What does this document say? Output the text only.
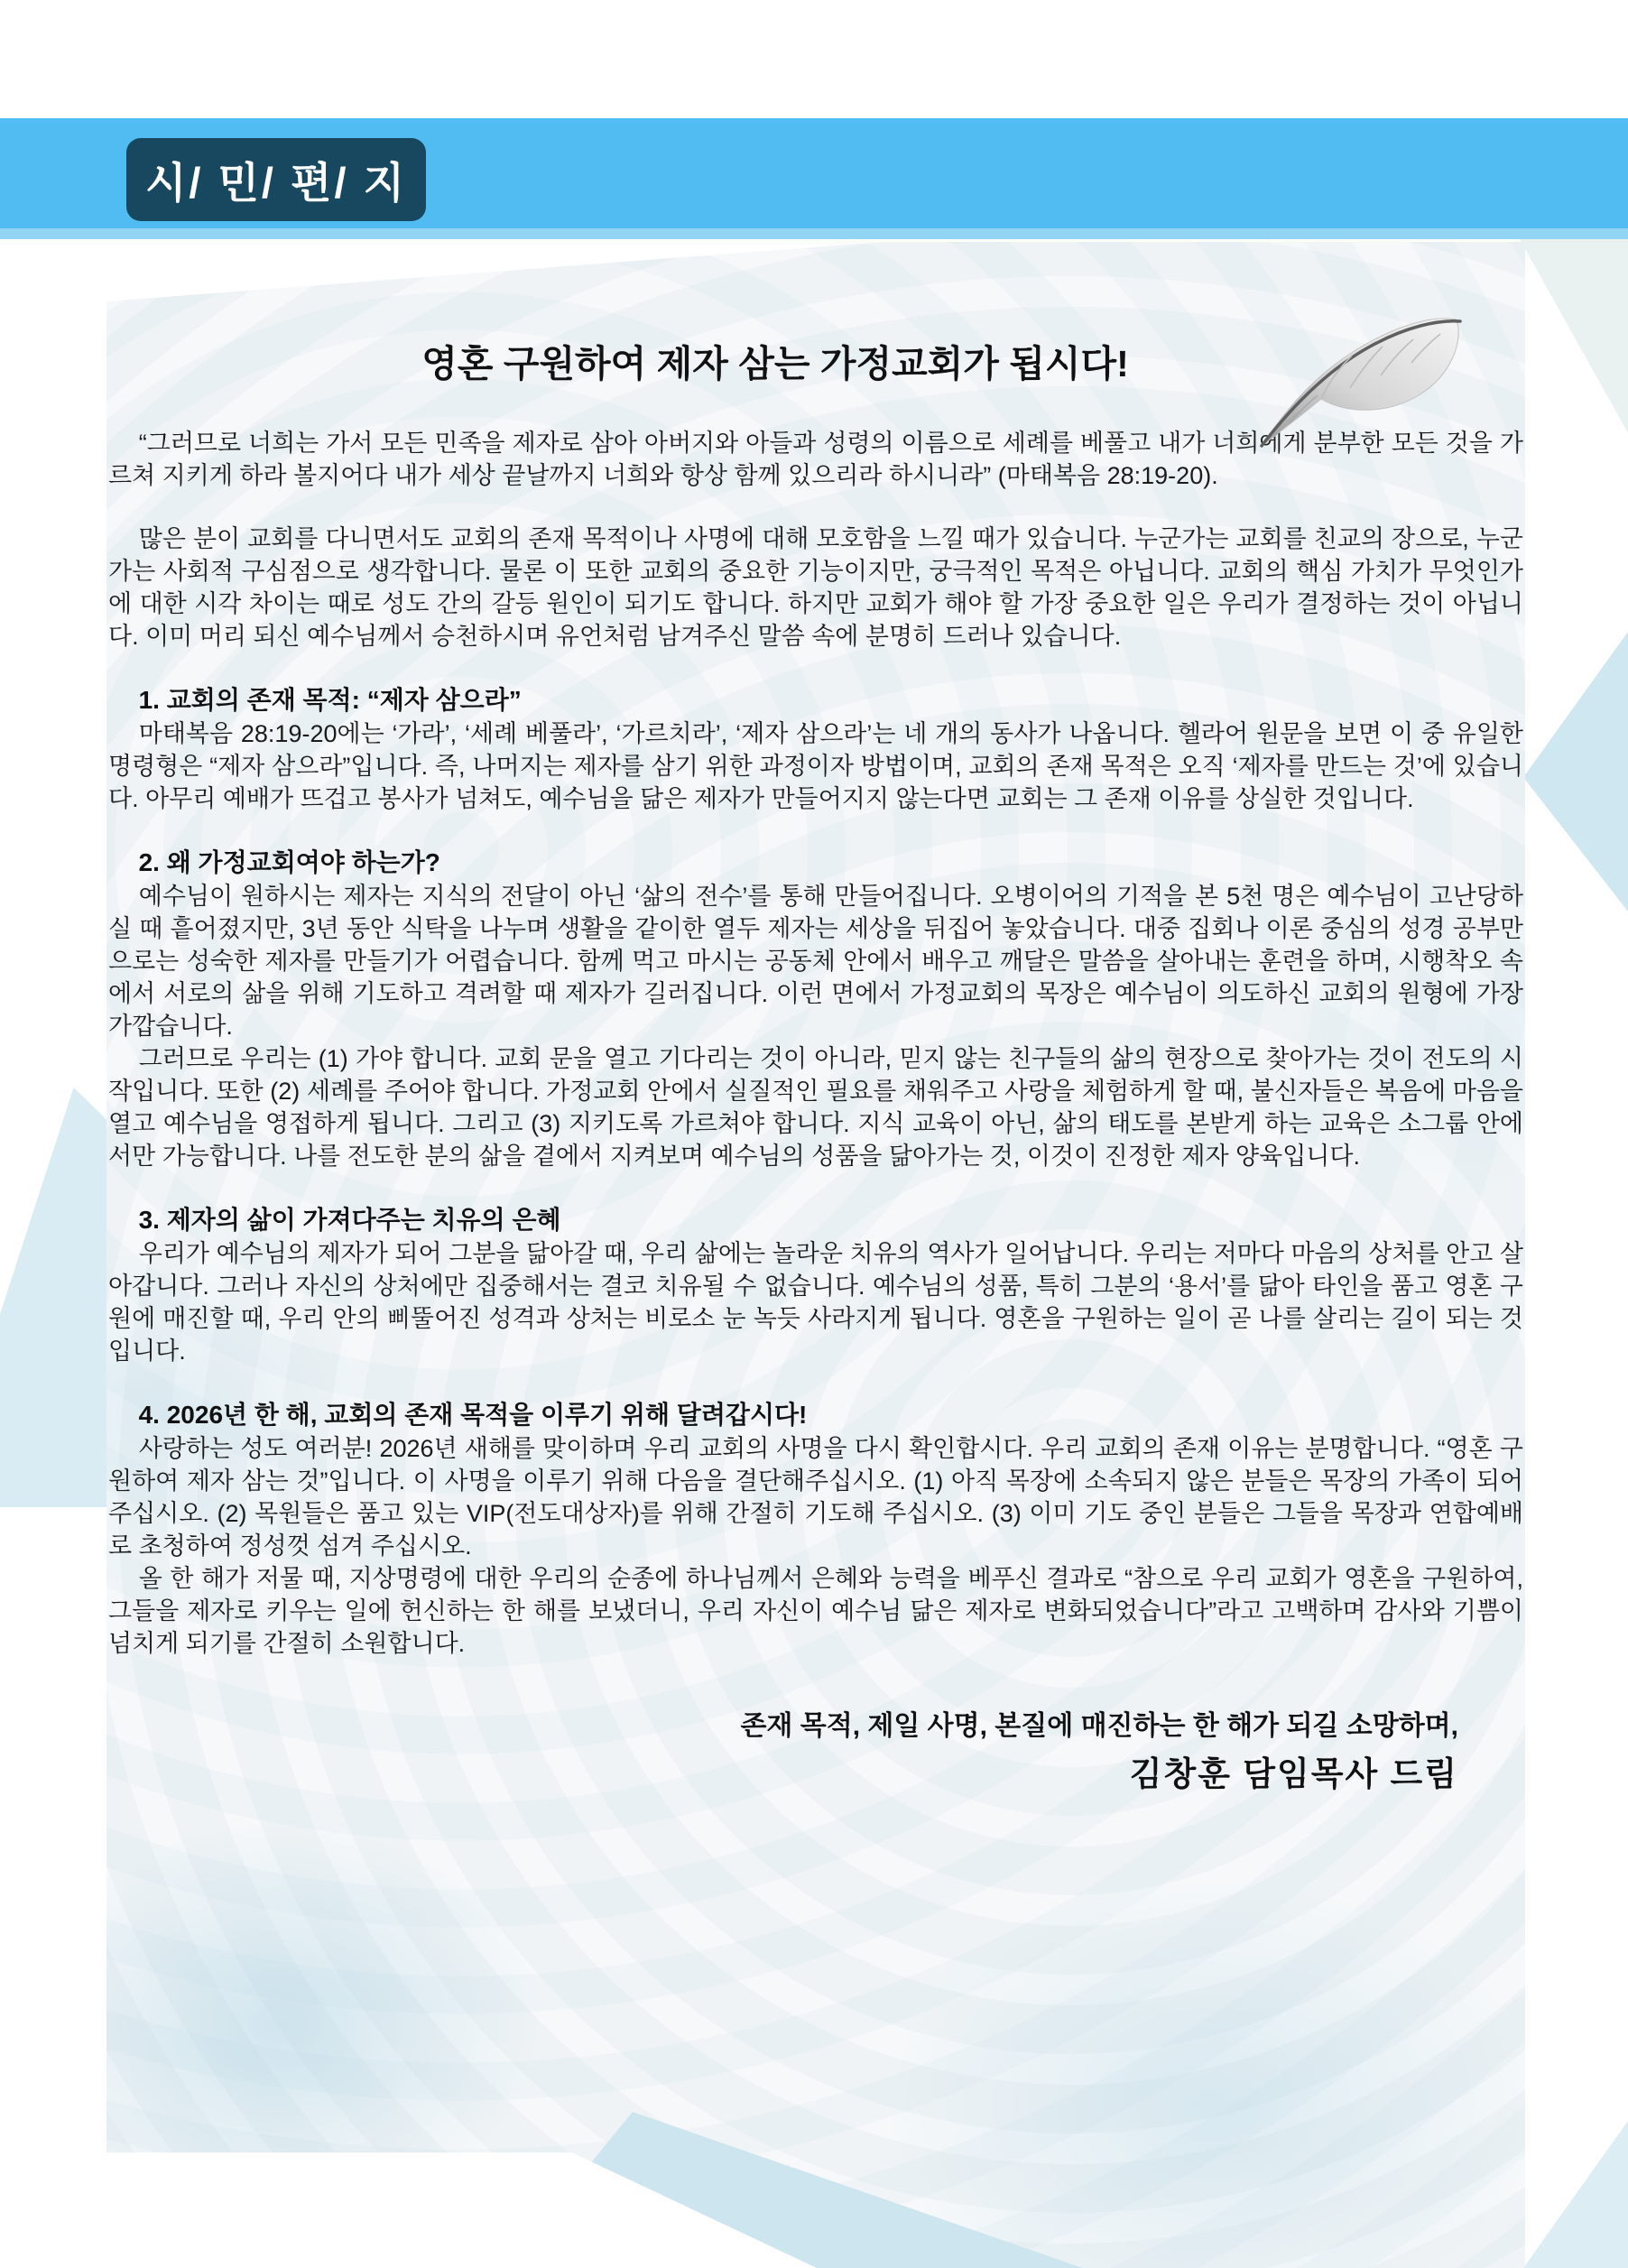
시/ 민/ 편/ 지
영혼 구원하여 제자 삼는 가정교회가 됩시다!

“그러므로 너희는 가서 모든 민족을 제자로 삼아 아버지와 아들과 성령의 이름으로 세례를 베풀고 내가 너희에게 분부한 모든 것을 가르쳐 지키게 하라 볼지어다 내가 세상 끝날까지 너희와 항상 함께 있으리라 하시니라” (마태복음 28:19-20).

많은 분이 교회를 다니면서도 교회의 존재 목적이나 사명에 대해 모호함을 느낄 때가 있습니다. 누군가는 교회를 친교의 장으로, 누군가는 사회적 구심점으로 생각합니다. 물론 이 또한 교회의 중요한 기능이지만, 궁극적인 목적은 아닙니다. 교회의 핵심 가치가 무엇인가에 대한 시각 차이는 때로 성도 간의 갈등 원인이 되기도 합니다. 하지만 교회가 해야 할 가장 중요한 일은 우리가 결정하는 것이 아닙니다. 이미 머리 되신 예수님께서 승천하시며 유언처럼 남겨주신 말씀 속에 분명히 드러나 있습니다.

1. 교회의 존재 목적: “제자 삼으라”

마태복음 28:19-20에는 ‘가라’, ‘세례 베풀라’, ‘가르치라’, ‘제자 삼으라’는 네 개의 동사가 나옵니다. 헬라어 원문을 보면 이 중 유일한 명령형은 “제자 삼으라”입니다. 즉, 나머지는 제자를 삼기 위한 과정이자 방법이며, 교회의 존재 목적은 오직 ‘제자를 만드는 것’에 있습니다. 아무리 예배가 뜨겁고 봉사가 넘쳐도, 예수님을 닮은 제자가 만들어지지 않는다면 교회는 그 존재 이유를 상실한 것입니다.

2. 왜 가정교회여야 하는가?

예수님이 원하시는 제자는 지식의 전달이 아닌 ‘삶의 전수’를 통해 만들어집니다. 오병이어의 기적을 본 5천 명은 예수님이 고난당하실 때 흩어졌지만, 3년 동안 식탁을 나누며 생활을 같이한 열두 제자는 세상을 뒤집어 놓았습니다. 대중 집회나 이론 중심의 성경 공부만으로는 성숙한 제자를 만들기가 어렵습니다. 함께 먹고 마시는 공동체 안에서 배우고 깨달은 말씀을 살아내는 훈련을 하며, 시행착오 속에서 서로의 삶을 위해 기도하고 격려할 때 제자가 길러집니다. 이런 면에서 가정교회의 목장은 예수님이 의도하신 교회의 원형에 가장 가깝습니다.

그러므로 우리는 (1) 가야 합니다. 교회 문을 열고 기다리는 것이 아니라, 믿지 않는 친구들의 삶의 현장으로 찾아가는 것이 전도의 시작입니다. 또한 (2) 세례를 주어야 합니다. 가정교회 안에서 실질적인 필요를 채워주고 사랑을 체험하게 할 때, 불신자들은 복음에 마음을 열고 예수님을 영접하게 됩니다. 그리고 (3) 지키도록 가르쳐야 합니다. 지식 교육이 아닌, 삶의 태도를 본받게 하는 교육은 소그룹 안에서만 가능합니다. 나를 전도한 분의 삶을 곁에서 지켜보며 예수님의 성품을 닮아가는 것, 이것이 진정한 제자 양육입니다.

3. 제자의 삶이 가져다주는 치유의 은혜

우리가 예수님의 제자가 되어 그분을 닮아갈 때, 우리 삶에는 놀라운 치유의 역사가 일어납니다. 우리는 저마다 마음의 상처를 안고 살아갑니다. 그러나 자신의 상처에만 집중해서는 결코 치유될 수 없습니다. 예수님의 성품, 특히 그분의 ‘용서’를 닮아 타인을 품고 영혼 구원에 매진할 때, 우리 안의 삐뚤어진 성격과 상처는 비로소 눈 녹듯 사라지게 됩니다. 영혼을 구원하는 일이 곧 나를 살리는 길이 되는 것입니다.

4. 2026년 한 해, 교회의 존재 목적을 이루기 위해 달려갑시다!

사랑하는 성도 여러분! 2026년 새해를 맞이하며 우리 교회의 사명을 다시 확인합시다. 우리 교회의 존재 이유는 분명합니다. “영혼 구원하여 제자 삼는 것”입니다. 이 사명을 이루기 위해 다음을 결단해주십시오. (1) 아직 목장에 소속되지 않은 분들은 목장의 가족이 되어 주십시오. (2) 목원들은 품고 있는 VIP(전도대상자)를 위해 간절히 기도해 주십시오. (3) 이미 기도 중인 분들은 그들을 목장과 연합예배로 초청하여 정성껏 섬겨 주십시오.

올 한 해가 저물 때, 지상명령에 대한 우리의 순종에 하나님께서 은혜와 능력을 베푸신 결과로 “참으로 우리 교회가 영혼을 구원하여, 그들을 제자로 키우는 일에 헌신하는 한 해를 보냈더니, 우리 자신이 예수님 닮은 제자로 변화되었습니다”라고 고백하며 감사와 기쁨이 넘치게 되기를 간절히 소원합니다.

존재 목적, 제일 사명, 본질에 매진하는 한 해가 되길 소망하며,
김창훈 담임목사 드림
